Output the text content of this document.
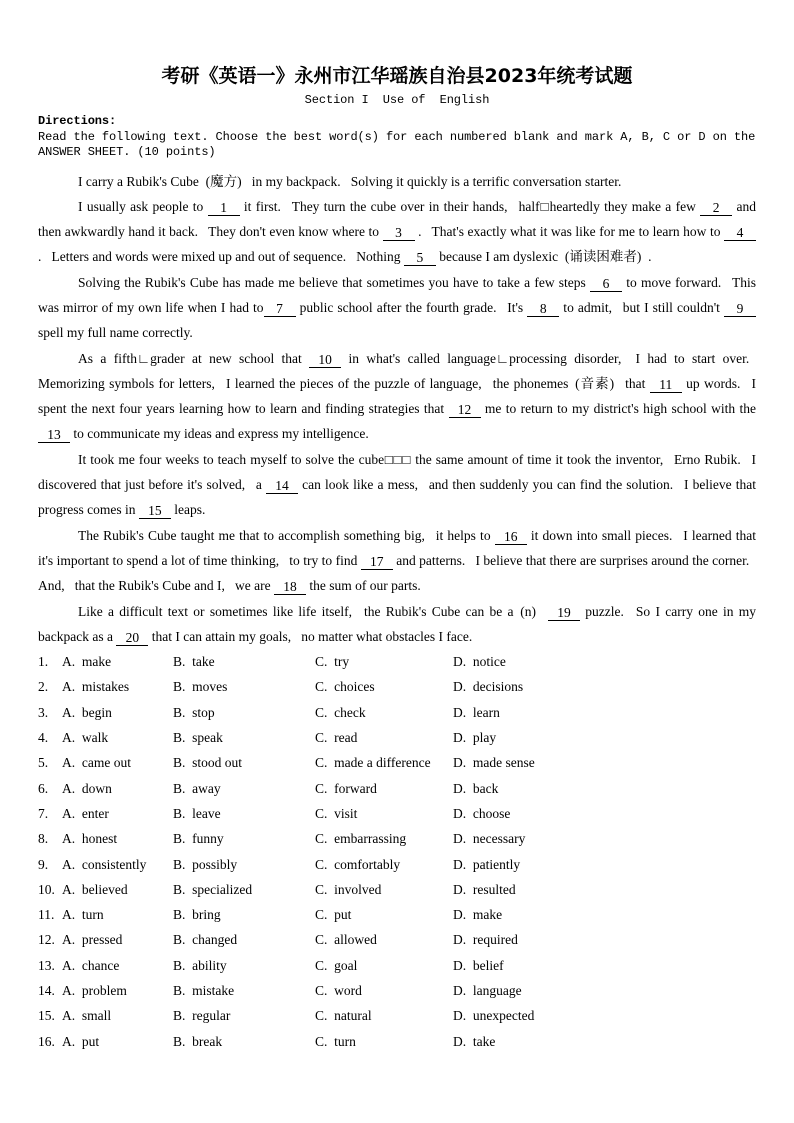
考研《英语一》永州市江华瑶族自治县2023年统考试题
Section I  Use of  English
Directions:
Read the following text. Choose the best word(s) for each numbered blank and mark A, B, C or D on the ANSWER SHEET. (10 points)

I carry a Rubik's Cube (魔方)  in my backpack.  Solving it quickly is a terrific conversation starter.

I usually ask people to 1 it first.  They turn the cube over in their hands,  half□heartedly they make a few 2 and then awkwardly hand it back.  They don't even know where to 3 .  That's exactly what it was like for me to learn how to 4 .  Letters and words were mixed up and out of sequence.  Nothing 5 because I am dyslexic (诵读困难者) .

Solving the Rubik's Cube has made me believe that sometimes you have to take a few steps 6 to move forward.  This was mirror of my own life when I had to 7 public school after the fourth grade.  It's 8 to admit,  but I still couldn't 9 spell my full name correctly.

As a fifth∟grader at new school that 10 in what's called language∟processing disorder,  I had to start over.  Memorizing symbols for letters,  I learned the pieces of the puzzle of language,  the phonemes (音素)  that 11 up words.  I spent the next four years learning how to learn and finding strategies that 12 me to return to my district's high school with the 13 to communicate my ideas and express my intelligence.

It took me four weeks to teach myself to solve the cube□□□ the same amount of time it took the inventor,  Erno Rubik.  I discovered that just before it's solved,  a 14 can look like a mess,  and then suddenly you can find the solution.  I believe that progress comes in 15 leaps.

The Rubik's Cube taught me that to accomplish something big,  it helps to 16 it down into small pieces.  I learned that it's important to spend a lot of time thinking,  to try to find 17 and patterns.  I believe that there are surprises around the corner.  And,  that the Rubik's Cube and I,  we are 18 the sum of our parts.

Like a difficult text or sometimes like life itself,  the Rubik's Cube can be a (n)  19 puzzle.  So I carry one in my backpack as a 20 that I can attain my goals,  no matter what obstacles I face.

1.  A. make	B. take	C. try	D. notice
2.  A. mistakes	B. moves	C. choices	D. decisions
3.  A. begin	B. stop	C. check	D. learn
4.  A. walk	B. speak	C. read	D. play
5.  A. came out	B. stood out	C. made a difference	D. made sense
6.  A. down	B. away	C. forward	D. back
7.  A. enter	B. leave	C. visit	D. choose
8.  A. honest	B. funny	C. embarrassing	D. necessary
9.  A. consistently	B. possibly	C. comfortably	D. patiently
10.  A. believed	B. specialized	C. involved	D. resulted
11.  A. turn	B. bring	C. put	D. make
12.  A. pressed	B. changed	C. allowed	D. required
13.  A. chance	B. ability	C. goal	D. belief
14.  A. problem	B. mistake	C. word	D. language
15.  A. small	B. regular	C. natural	D. unexpected
16.  A. put	B. break	C. turn	D. take
